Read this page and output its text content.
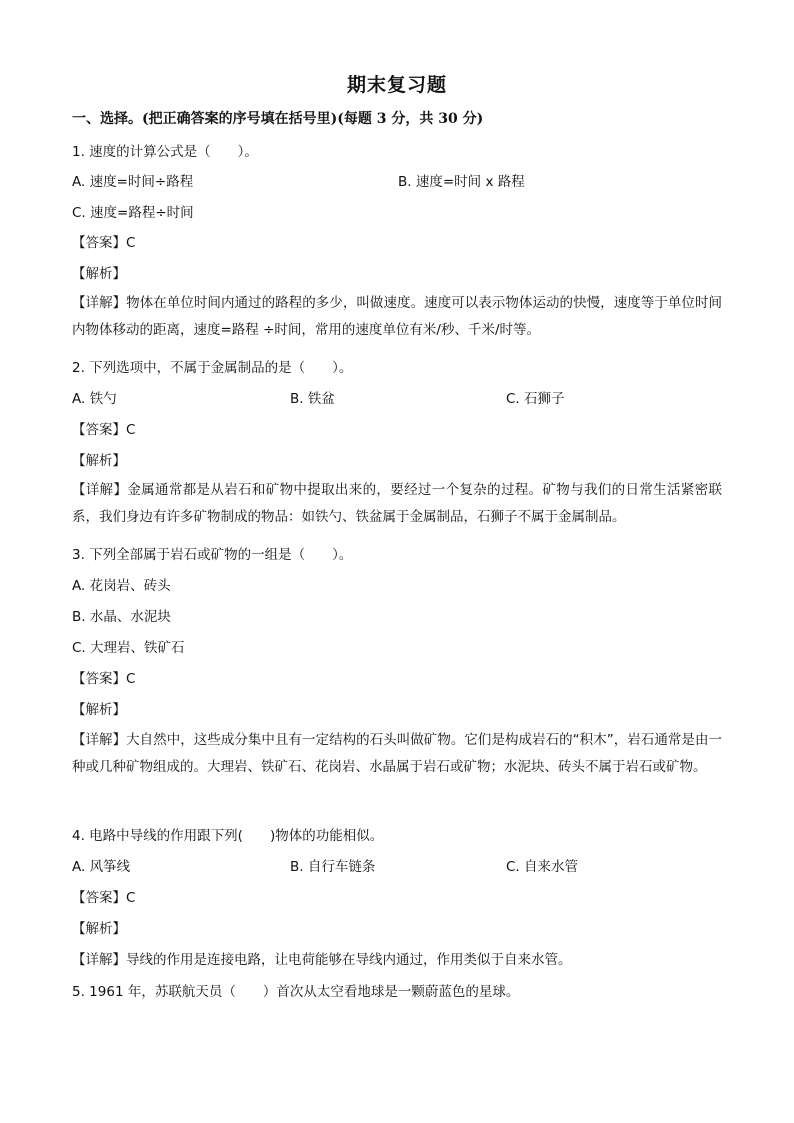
期末复习题
一、选择。(把正确答案的序号填在括号里)(每题 3 分，共 30 分)
1. 速度的计算公式是（　　）。
A. 速度=时间÷路程	B. 速度=时间 x 路程
C. 速度=路程÷时间
【答案】C
【解析】
【详解】物体在单位时间内通过的路程的多少，叫做速度。速度可以表示物体运动的快慢，速度等于单位时间内物体移动的距离，速度=路程 ÷时间，常用的速度单位有米/秒、千米/时等。
2. 下列选项中，不属于金属制品的是（　　）。
A. 铁勺	B. 铁盆	C. 石狮子
【答案】C
【解析】
【详解】金属通常都是从岩石和矿物中提取出来的，要经过一个复杂的过程。矿物与我们的日常生活紧密联系，我们身边有许多矿物制成的物品：如铁勺、铁盆属于金属制品，石狮子不属于金属制品。
3. 下列全部属于岩石或矿物的一组是（　　）。
A. 花岗岩、砖头
B. 水晶、水泥块
C. 大理岩、铁矿石
【答案】C
【解析】
【详解】大自然中，这些成分集中且有一定结构的石头叫做矿物。它们是构成岩石的“积木”，岩石通常是由一种或几种矿物组成的。大理岩、铁矿石、花岗岩、水晶属于岩石或矿物；水泥块、砖头不属于岩石或矿物。
4. 电路中导线的作用跟下列(　　)物体的功能相似。
A. 风筝线	B. 自行车链条	C. 自来水管
【答案】C
【解析】
【详解】导线的作用是连接电路，让电荷能够在导线内通过，作用类似于自来水管。
5. 1961 年，苏联航天员（　　）首次从太空看地球是一颗蔚蓝色的星球。
